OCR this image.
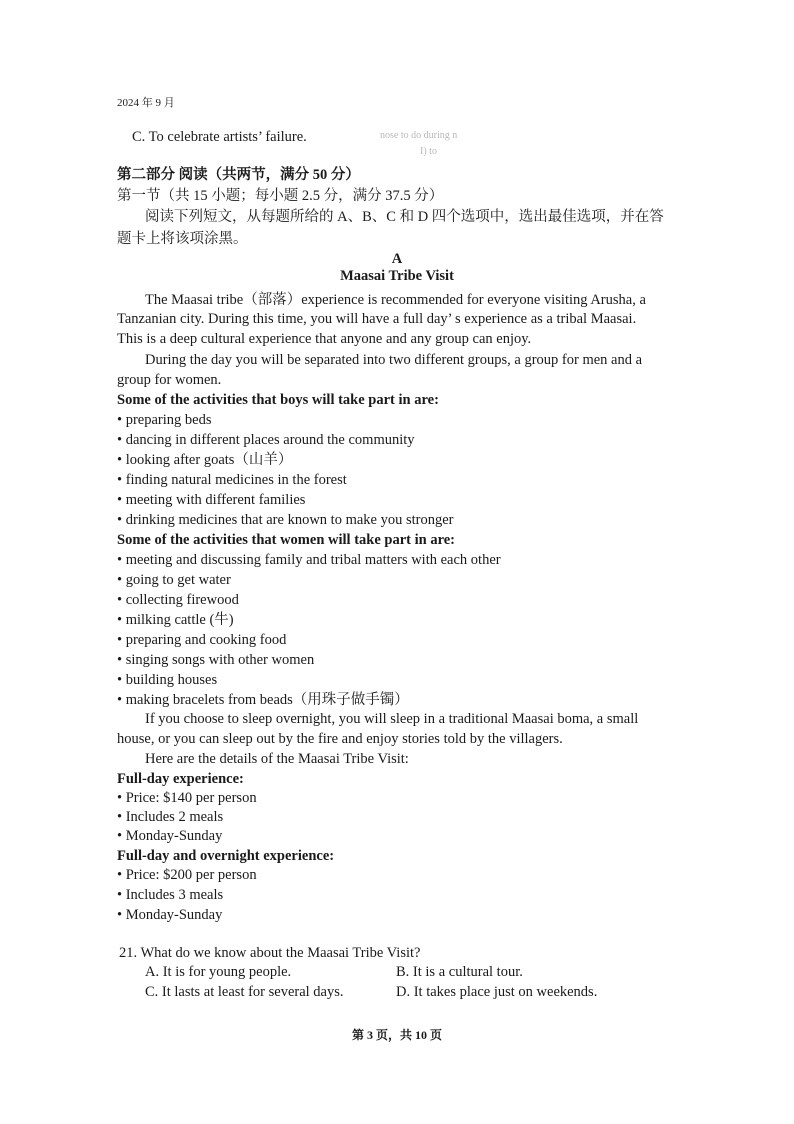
2024 年 9 月
C. To celebrate artists’ failure.	nose to do during n
I) to
第二部分 阅读（共两节，满分 50 分）
第一节（共 15 小题；每小题 2.5 分，满分 37.5 分）
阅读下列短文，从每题所给的 A、B、C 和 D 四个选项中，选出最佳选项，并在答
题卡上将该项涂黑。
A
Maasai Tribe Visit
The Maasai tribe（部落）experience is recommended for everyone visiting Arusha, a
Tanzanian city. During this time, you will have a full day’ s experience as a tribal Maasai.
This is a deep cultural experience that anyone and any group can enjoy.
During the day you will be separated into two different groups, a group for men and a
group for women.
Some of the activities that boys will take part in are:
• preparing beds
• dancing in different places around the community
• looking after goats（山羊）
• finding natural medicines in the forest
• meeting with different families
• drinking medicines that are known to make you stronger
Some of the activities that women will take part in are:
• meeting and discussing family and tribal matters with each other
• going to get water
• collecting firewood
• milking cattle (牛)
• preparing and cooking food
• singing songs with other women
• building houses
• making bracelets from beads（用珠子做手镯）
If you choose to sleep overnight, you will sleep in a traditional Maasai boma, a small
house, or you can sleep out by the fire and enjoy stories told by the villagers.
Here are the details of the Maasai Tribe Visit:
Full-day experience:
• Price: $140 per person
• Includes 2 meals
• Monday-Sunday
Full-day and overnight experience:
• Price: $200 per person
• Includes 3 meals
• Monday-Sunday
21. What do we know about the Maasai Tribe Visit?
A. It is for young people.	B. It is a cultural tour.
C. It lasts at least for several days.	D. It takes place just on weekends.
第 3 页，共 10 页
